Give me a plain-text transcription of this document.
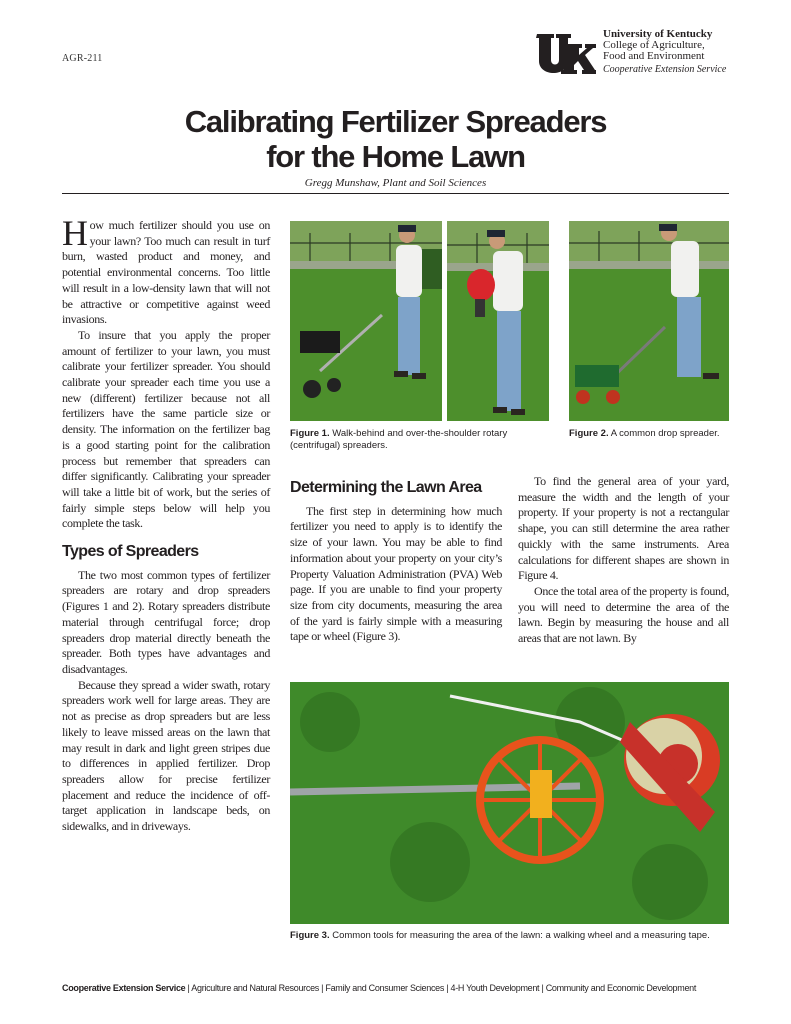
AGR-211
University of Kentucky
College of Agriculture,
Food and Environment
Cooperative Extension Service
Calibrating Fertilizer Spreaders
for the Home Lawn
Gregg Munshaw, Plant and Soil Sciences

How much fertilizer should you use on your lawn? Too much can result in turf burn, wasted product and money, and potential environmental concerns. Too little will result in a low-density lawn that will not be attractive or competitive against weed invasions.

To insure that you apply the proper amount of fertilizer to your lawn, you must calibrate your fertilizer spreader. You should calibrate your spreader each time you use a new (different) fertilizer because not all fertilizers have the same particle size or density. The information on the fertilizer bag is a good starting point for the calibration process but remember that spreaders can differ significantly. Calibrating your spreader will take a little bit of work, but the series of fairly simple steps below will help you complete the task.

Types of Spreaders

The two most common types of fertilizer spreaders are rotary and drop spreaders (Figures 1 and 2). Rotary spreaders distribute material through centrifugal force; drop spreaders drop material directly beneath the spreader. Both types have advantages and disadvantages.

Because they spread a wider swath, rotary spreaders work well for large areas. They are not as precise as drop spreaders but are less likely to leave missed areas on the lawn that may result in dark and light green stripes due to differences in applied fertilizer. Drop spreaders allow for precise fertilizer placement and reduce the incidence of off-target application in landscape beds, on sidewalks, and in driveways.

Figure 1. Walk-behind and over-the-shoulder rotary (centrifugal) spreaders.
Figure 2. A common drop spreader.
Determining the Lawn Area

The first step in determining how much fertilizer you need to apply is to identify the size of your lawn. You may be able to find information about your property on your city’s Property Valuation Administration (PVA) Web page. If you are unable to find your property size from city documents, measuring the area of the yard is fairly simple with a measuring tape or wheel (Figure 3).

To find the general area of your yard, measure the width and the length of your property. If your property is not a rectangular shape, you can still determine the area rather quickly with the same instruments. Area calculations for different shapes are shown in Figure 4.

Once the total area of the property is found, you will need to determine the area of the lawn. Begin by measuring the house and all areas that are not lawn. By

Figure 3. Common tools for measuring the area of the lawn: a walking wheel and a measuring tape.
Cooperative Extension Service | Agriculture and Natural Resources | Family and Consumer Sciences | 4-H Youth Development | Community and Economic Development
